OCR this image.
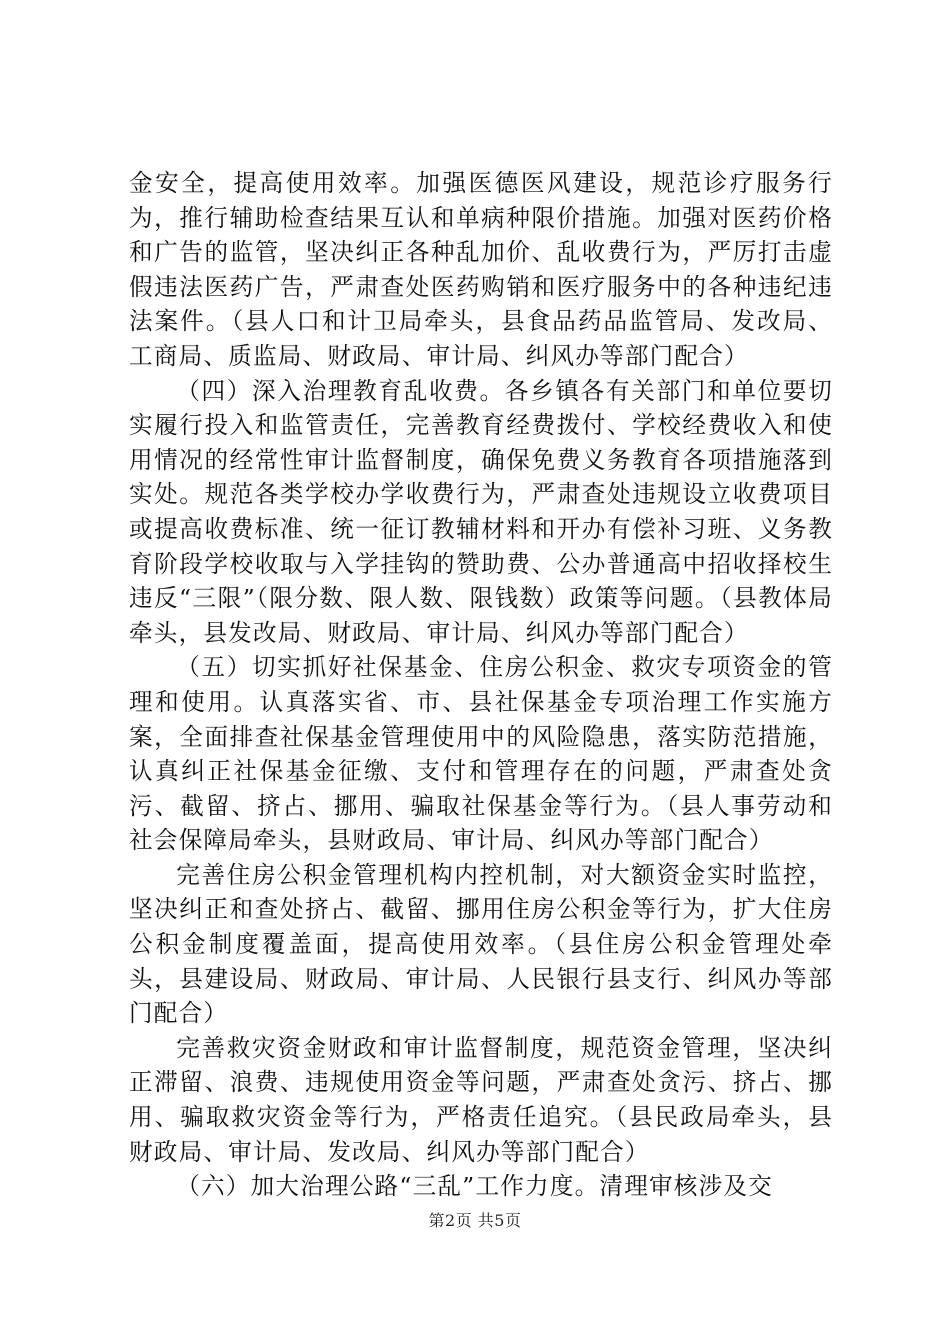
金安全，提高使用效率。加强医德医风建设，规范诊疗服务行为，推行辅助检查结果互认和单病种限价措施。加强对医药价格和广告的监管，坚决纠正各种乱加价、乱收费行为，严厉打击虚假违法医药广告，严肃查处医药购销和医疗服务中的各种违纪违法案件。（县人口和计卫局牵头，县食品药品监管局、发改局、工商局、质监局、财政局、审计局、纠风办等部门配合）

（四）深入治理教育乱收费。各乡镇各有关部门和单位要切实履行投入和监管责任，完善教育经费拨付、学校经费收入和使用情况的经常性审计监督制度，确保免费义务教育各项措施落到实处。规范各类学校办学收费行为，严肃查处违规设立收费项目或提高收费标准、统一征订教辅材料和开办有偿补习班、义务教育阶段学校收取与入学挂钩的赞助费、公办普通高中招收择校生违反“三限”（限分数、限人数、限钱数）政策等问题。（县教体局牵头，县发改局、财政局、审计局、纠风办等部门配合）

（五）切实抓好社保基金、住房公积金、救灾专项资金的管理和使用。认真落实省、市、县社保基金专项治理工作实施方案，全面排查社保基金管理使用中的风险隐患，落实防范措施，认真纠正社保基金征缴、支付和管理存在的问题，严肃查处贪污、截留、挤占、挪用、骗取社保基金等行为。（县人事劳动和社会保障局牵头，县财政局、审计局、纠风办等部门配合）

完善住房公积金管理机构内控机制，对大额资金实时监控，坚决纠正和查处挤占、截留、挪用住房公积金等行为，扩大住房公积金制度覆盖面，提高使用效率。（县住房公积金管理处牵头，县建设局、财政局、审计局、人民银行县支行、纠风办等部门配合）

完善救灾资金财政和审计监督制度，规范资金管理，坚决纠正滞留、浪费、违规使用资金等问题，严肃查处贪污、挤占、挪用、骗取救灾资金等行为，严格责任追究。（县民政局牵头，县财政局、审计局、发改局、纠风办等部门配合）

（六）加大治理公路“三乱”工作力度。清理审核涉及交

第2页 共5页
